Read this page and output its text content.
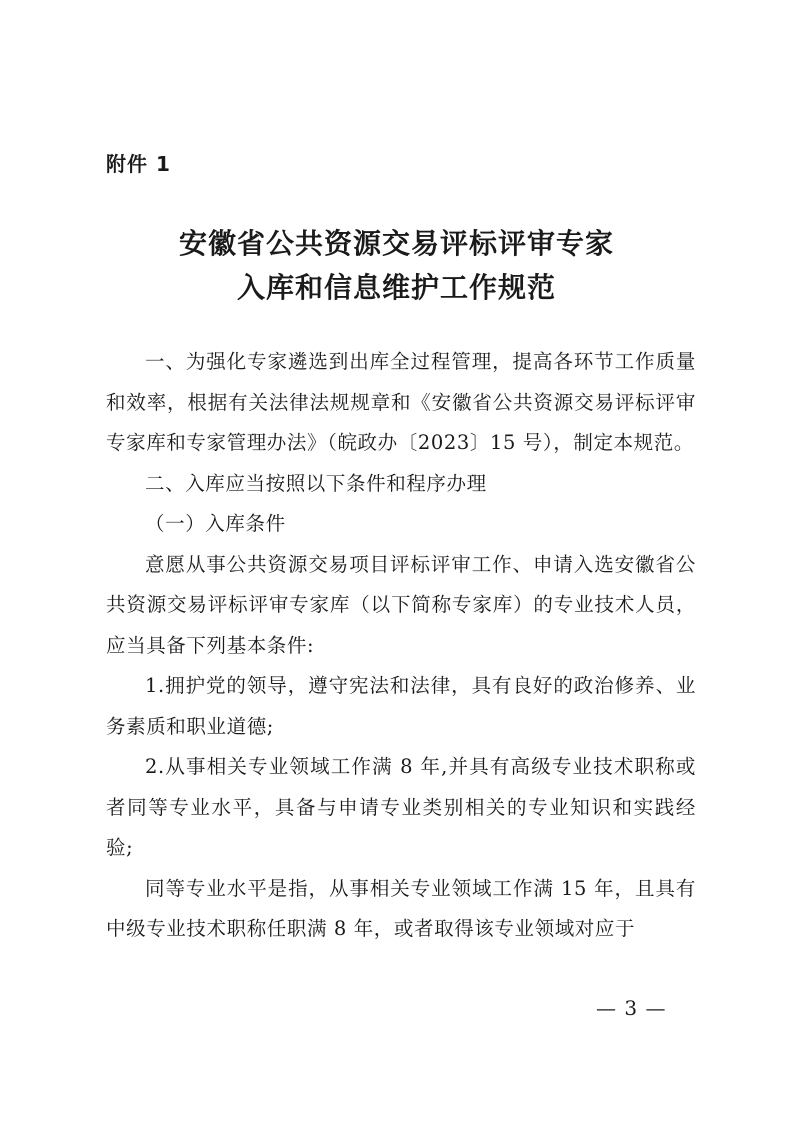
附件 1
安徽省公共资源交易评标评审专家
入库和信息维护工作规范

一、为强化专家遴选到出库全过程管理，提高各环节工作质量和效率，根据有关法律法规规章和《安徽省公共资源交易评标评审专家库和专家管理办法》（皖政办〔2023〕15 号），制定本规范。

二、入库应当按照以下条件和程序办理

（一）入库条件

意愿从事公共资源交易项目评标评审工作、申请入选安徽省公共资源交易评标评审专家库（以下简称专家库）的专业技术人员，应当具备下列基本条件:

1.拥护党的领导，遵守宪法和法律，具有良好的政治修养、业务素质和职业道德;

2.从事相关专业领域工作满 8 年,并具有高级专业技术职称或者同等专业水平，具备与申请专业类别相关的专业知识和实践经验;

同等专业水平是指，从事相关专业领域工作满 15 年，且具有中级专业技术职称任职满 8 年，或者取得该专业领域对应于

— 3 —
